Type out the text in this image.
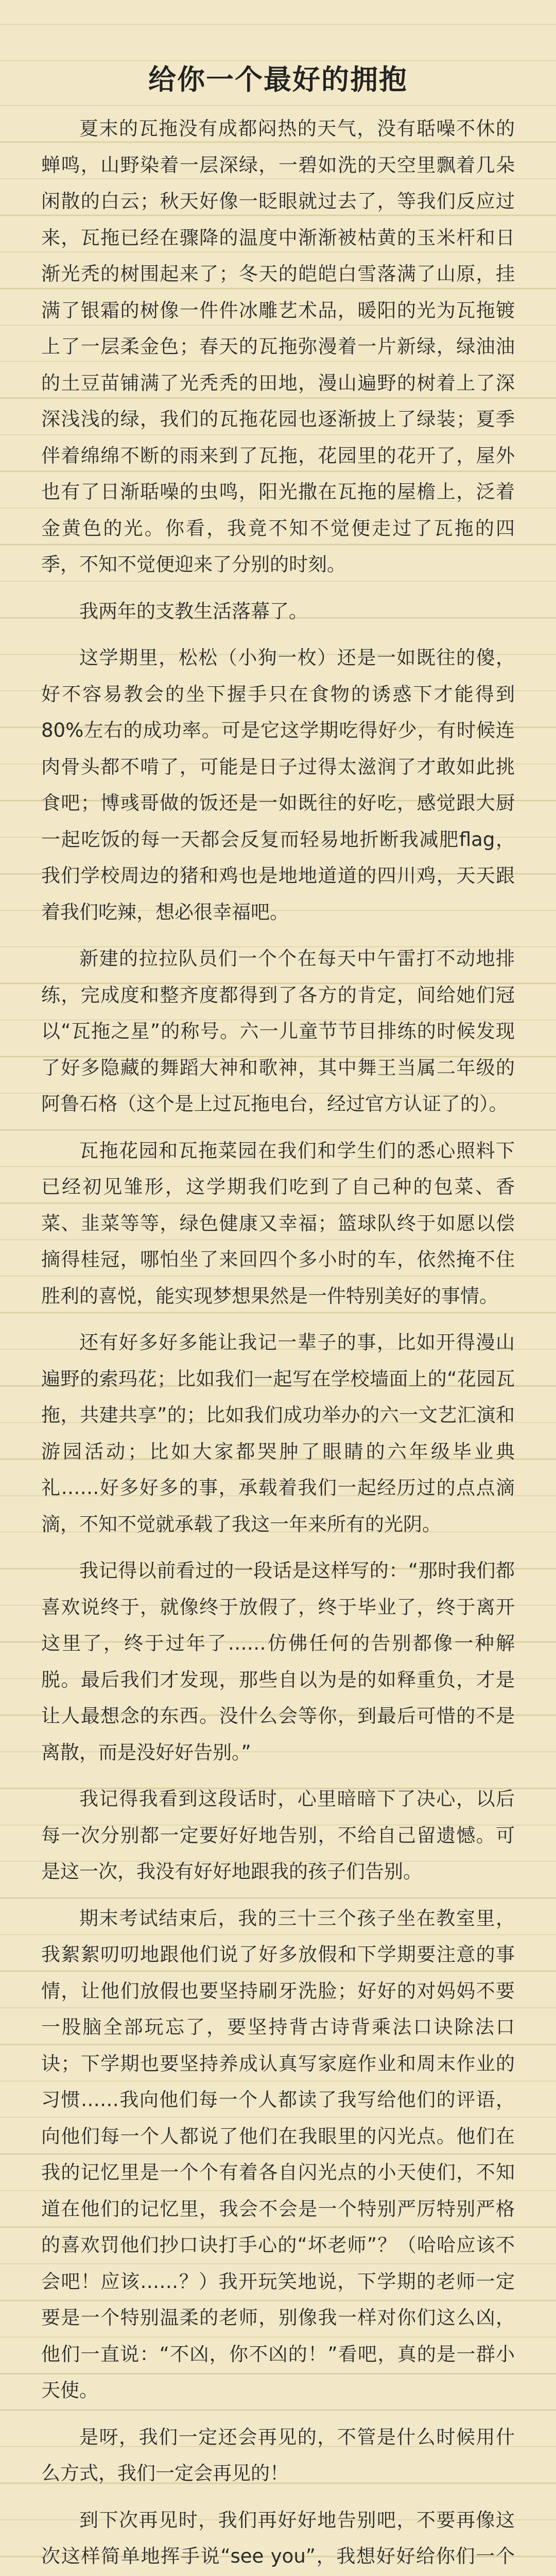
给你一个最好的拥抱

夏末的瓦拖没有成都闷热的天气，没有聒噪不休的蝉鸣，山野染着一层深绿，一碧如洗的天空里飘着几朵闲散的白云；秋天好像一眨眼就过去了，等我们反应过来，瓦拖已经在骤降的温度中渐渐被枯黄的玉米杆和日渐光秃的树围起来了；冬天的皑皑白雪落满了山原，挂 满了银霜的树像一件件冰雕艺术品，暖阳的光为瓦拖镀上了一层柔金色；春天的瓦拖弥漫着一片新绿，绿油油的土豆苗铺满了光秃秃的田地，漫山遍野的树着上了深深浅浅的绿，我们的瓦拖花园也逐渐披上了绿装；夏季伴着绵绵不断的雨来到了瓦拖，花园里的花开了，屋外也有了日渐聒噪的虫鸣，阳光撒在瓦拖的屋檐上，泛着金黄色的光。你看，我竟不知不觉便走过了瓦拖的四季，不知不觉便迎来了分别的时刻。

我两年的支教生活落幕了。

这学期里，松松（小狗一枚）还是一如既往的傻，好不容易教会的坐下握手只在食物的诱惑下才能得到80%左右的成功率。可是它这学期吃得好少，有时候连肉骨头都不啃了，可能是日子过得太滋润了才敢如此挑食吧；博彧哥做的饭还是一如既往的好吃，感觉跟大厨一起吃饭的每一天都会反复而轻易地折断我减肥flag，我们学校周边的猪和鸡也是地地道道的四川鸡，天天跟着我们吃辣，想必很幸福吧。

新建的拉拉队员们一个个在每天中午雷打不动地排练，完成度和整齐度都得到了各方的肯定，间给她们冠以“瓦拖之星”的称号。六一儿童节节目排练的时候发现了好多隐藏的舞蹈大神和歌神，其中舞王当属二年级的阿鲁石格（这个是上过瓦拖电台，经过官方认证了的）。

瓦拖花园和瓦拖菜园在我们和学生们的悉心照料下已经初见雏形，这学期我们吃到了自己种的包菜、香菜、韭菜等等，绿色健康又幸福；篮球队终于如愿以偿摘得桂冠，哪怕坐了来回四个多小时的车，依然掩不住胜利的喜悦，能实现梦想果然是一件特别美好的事情。

还有好多好多能让我记一辈子的事，比如开得漫山遍野的索玛花；比如我们一起写在学校墙面上的“花园瓦拖，共建共享”的；比如我们成功举办的六一文艺汇演和游园活动；比如大家都哭肿了眼睛的六年级毕业典礼……好多好多的事，承载着我们一起经历过的点点滴滴，不知不觉就承载了我这一年来所有的光阴。

我记得以前看过的一段话是这样写的：“那时我们都喜欢说终于，就像终于放假了，终于毕业了，终于离开这里了，终于过年了……仿佛任何的告别都像一种解脱。最后我们才发现，那些自以为是的如释重负，才是让人最想念的东西。没什么会等你，到最后可惜的不是离散，而是没好好告别。”

我记得我看到这段话时，心里暗暗下了决心，以后每一次分别都一定要好好地告别，不给自己留遗憾。可是这一次，我没有好好地跟我的孩子们告别。

期末考试结束后，我的三十三个孩子坐在教室里，我絮絮叨叨地跟他们说了好多放假和下学期要注意的事情，让他们放假也要坚持刷牙洗脸；好好的对妈妈不要一股脑全部玩忘了，要坚持背古诗背乘法口诀除法口诀；下学期也要坚持养成认真写家庭作业和周末作业的习惯……我向他们每一个人都读了我写给他们的评语，向他们每一个人都说了他们在我眼里的闪光点。他们在我的记忆里是一个个有着各自闪光点的小天使们，不知道在他们的记忆里，我会不会是一个特别严厉特别严格的喜欢罚他们抄口诀打手心的“坏老师”？（哈哈应该不会吧！应该……？）我开玩笑地说，下学期的老师一定要是一个特别温柔的老师，别像我一样对你们这么凶，他们一直说：“不凶，你不凶的！”看吧，真的是一群小天使。

是呀，我们一定还会再见的，不管是什么时候用什么方式，我们一定会再见的！

到下次再见时，我们再好好地告别吧，不要再像这次这样简单地挥手说“see you”，我想好好给你们一个
